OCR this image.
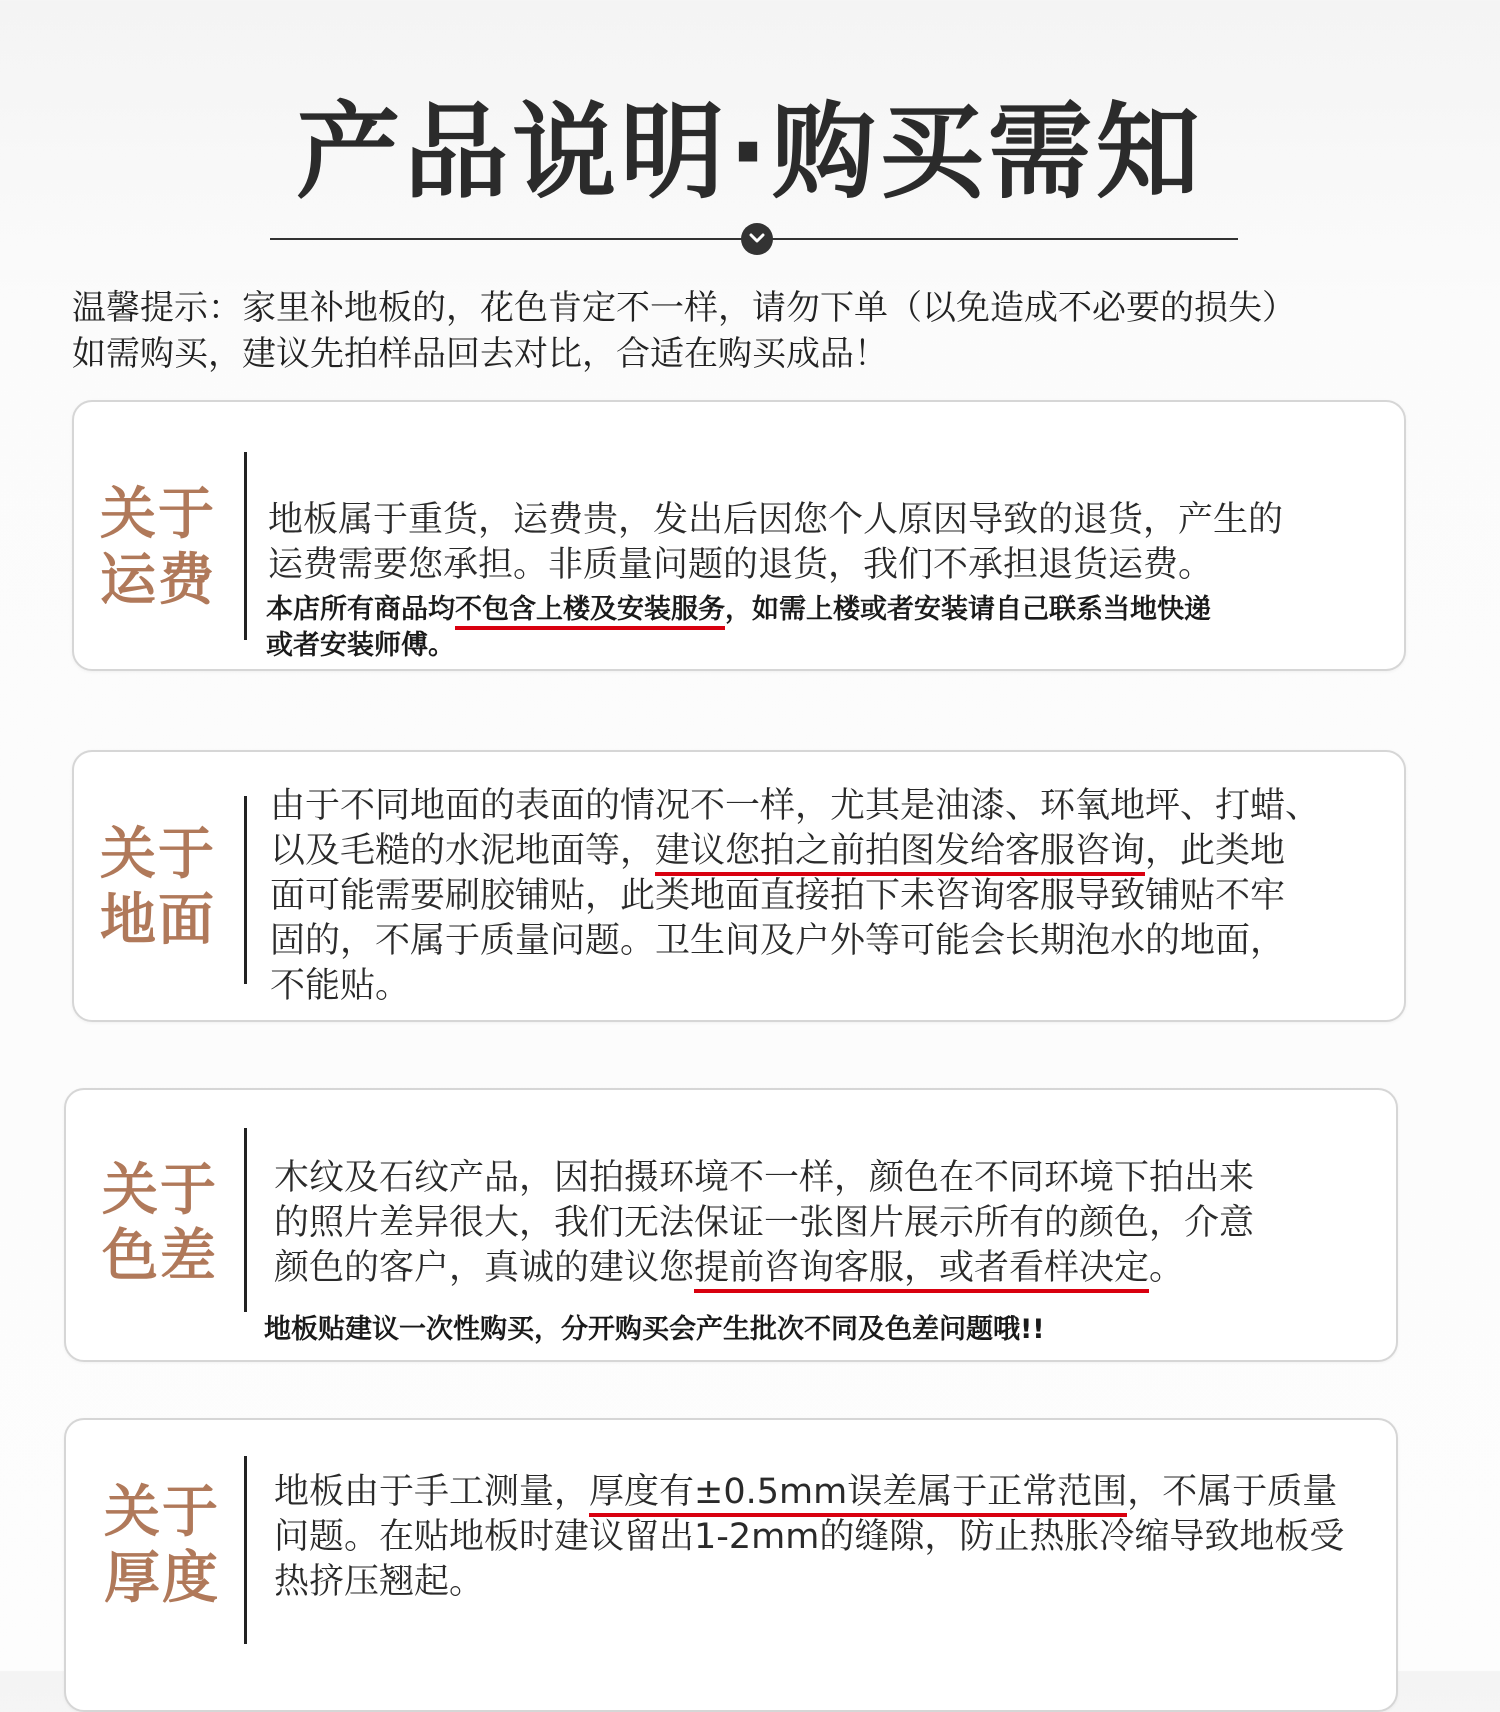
产品说明·购买需知
温馨提示：家里补地板的，花色肯定不一样，请勿下单（以免造成不必要的损失）
如需购买，建议先拍样品回去对比，合适在购买成品！
关于
运费
地板属于重货，运费贵，发出后因您个人原因导致的退货，产生的
运费需要您承担。非质量问题的退货，我们不承担退货运费。
本店所有商品均不包含上楼及安装服务，如需上楼或者安装请自己联系当地快递
或者安装师傅。
关于
地面
由于不同地面的表面的情况不一样，尤其是油漆、环氧地坪、打蜡、
以及毛糙的水泥地面等，建议您拍之前拍图发给客服咨询，此类地
面可能需要刷胶铺贴，此类地面直接拍下未咨询客服导致铺贴不牢
固的，不属于质量问题。卫生间及户外等可能会长期泡水的地面，
不能贴。
关于
色差
木纹及石纹产品，因拍摄环境不一样，颜色在不同环境下拍出来
的照片差异很大，我们无法保证一张图片展示所有的颜色，介意
颜色的客户，真诚的建议您提前咨询客服，或者看样决定。
地板贴建议一次性购买，分开购买会产生批次不同及色差问题哦!!
关于
厚度
地板由于手工测量，厚度有±0.5mm误差属于正常范围，不属于质量
问题。在贴地板时建议留出1-2mm的缝隙，防止热胀冷缩导致地板受
热挤压翘起。
